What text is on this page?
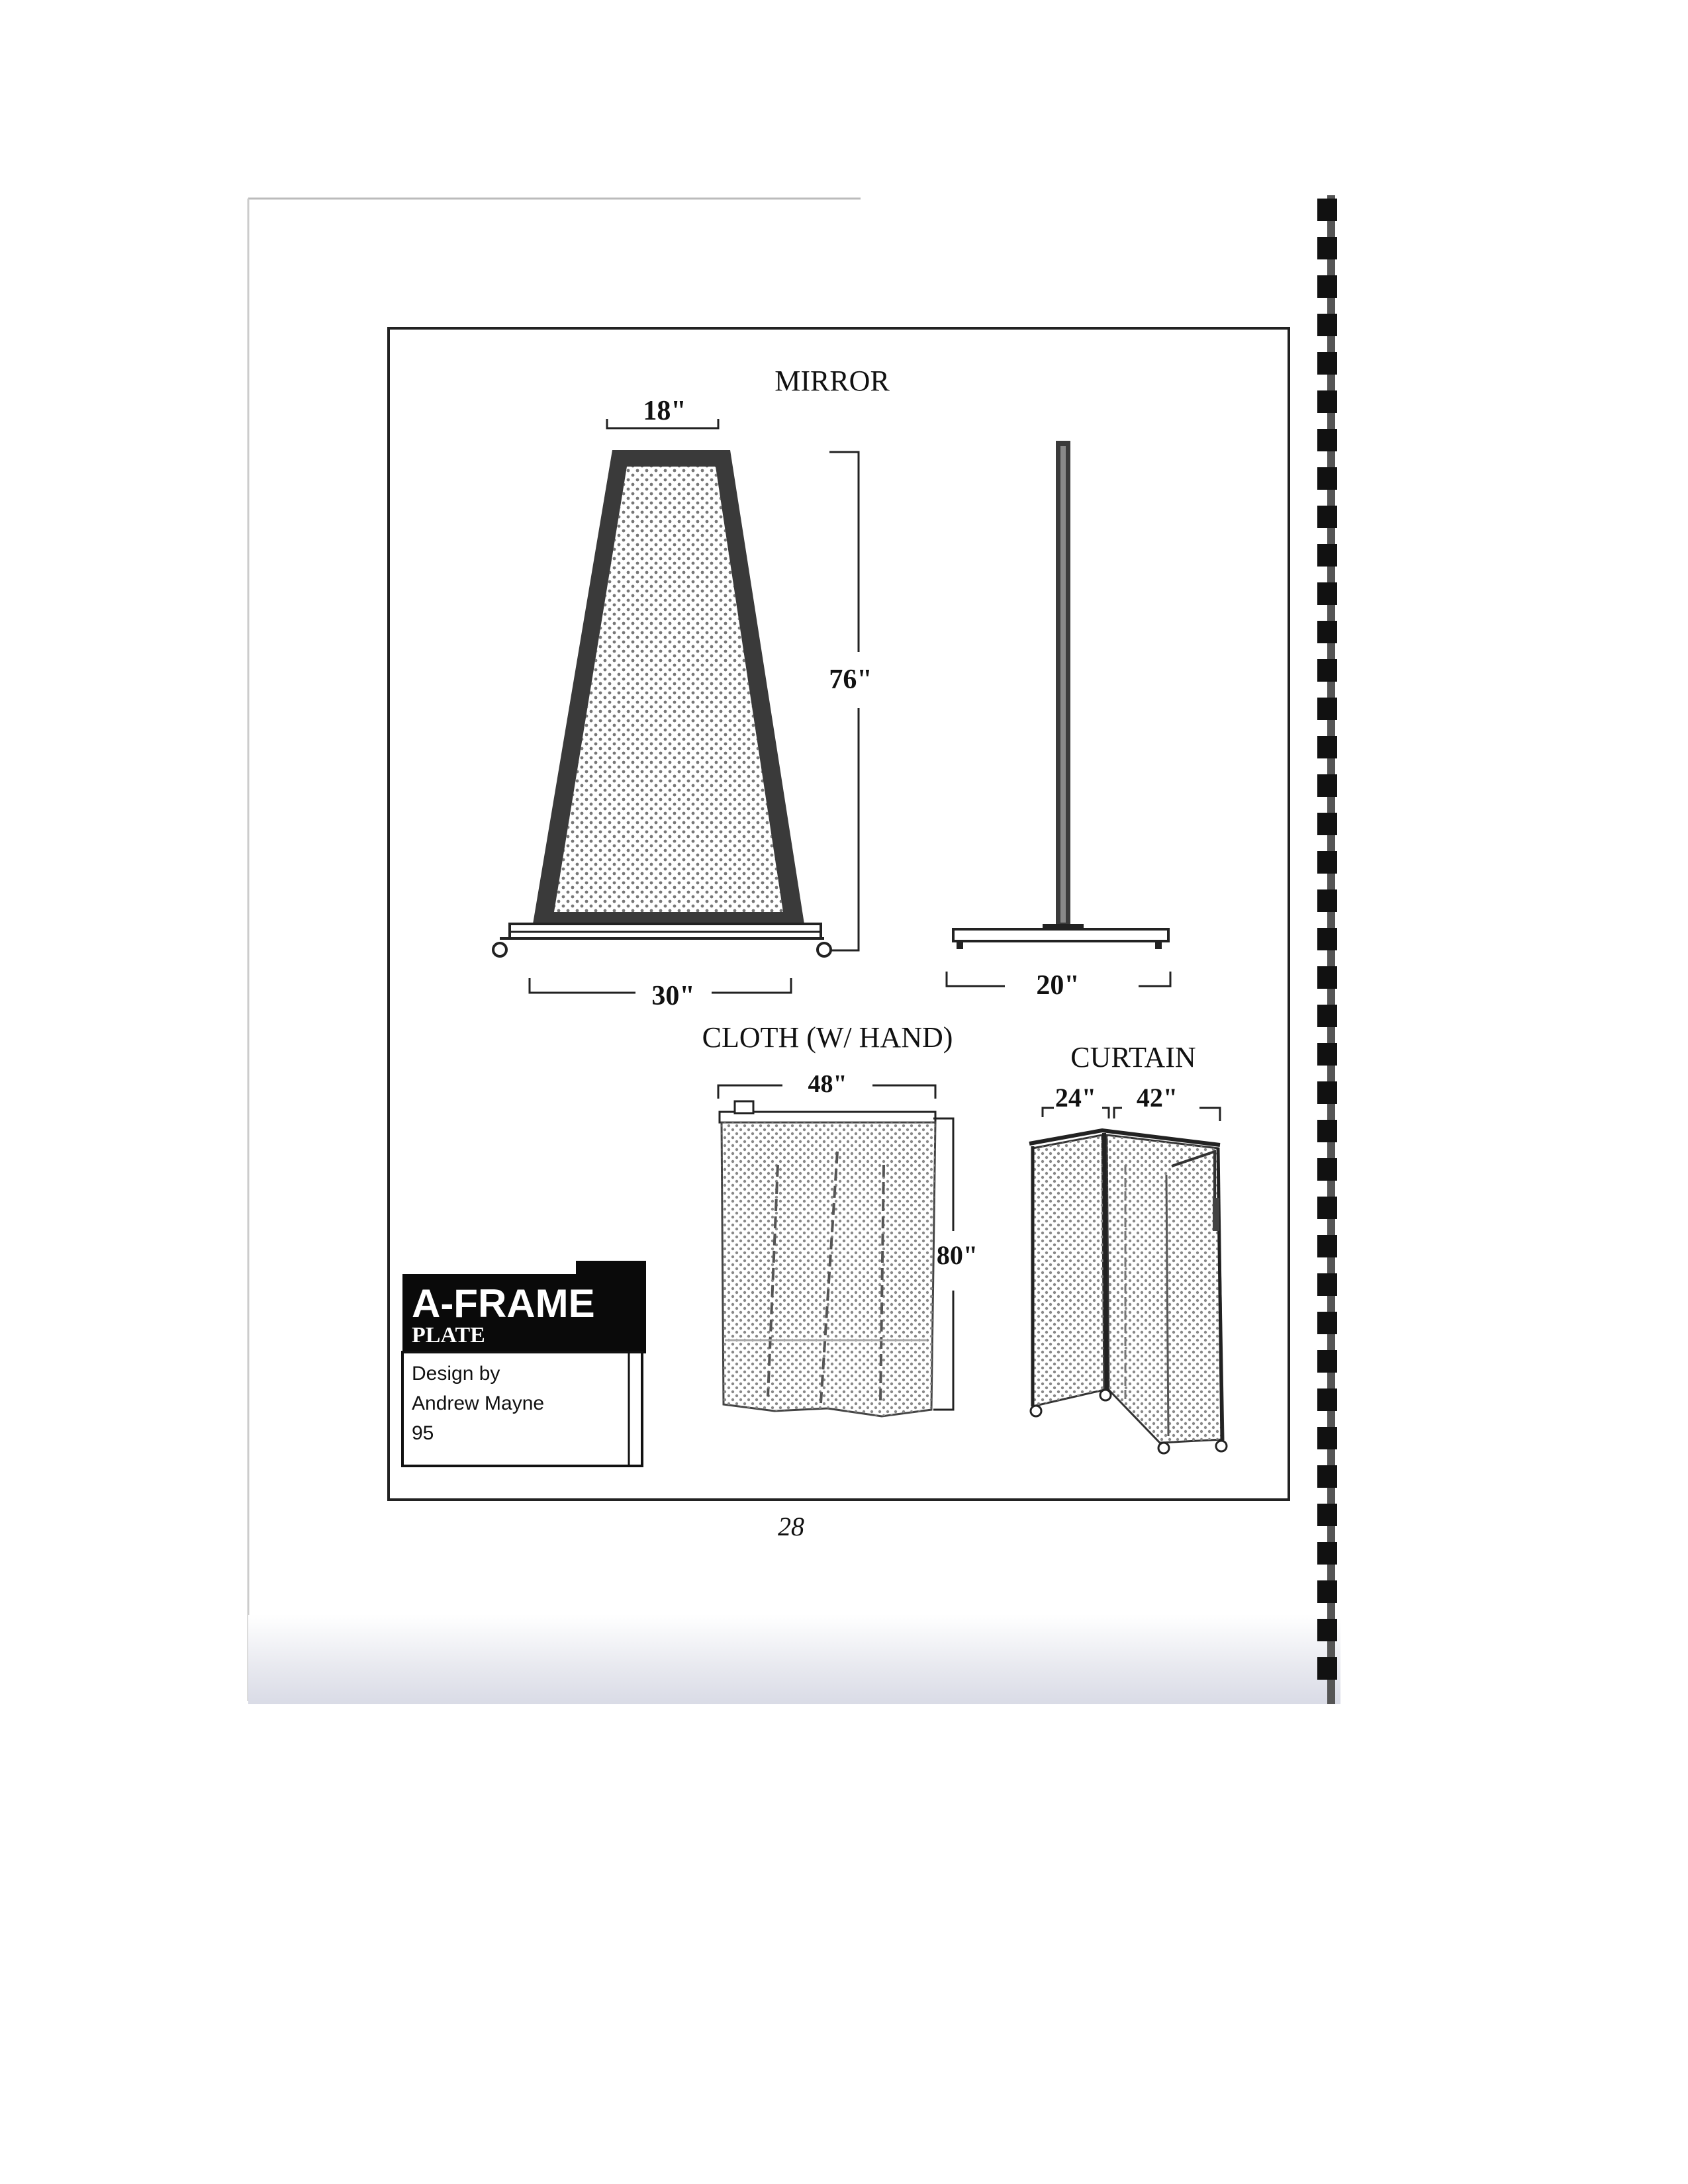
MIRROR
18"
76"
30"	20"
CLOTH (W/ HAND)
48"
80"
CURTAIN
24" 42"
A-FRAME
PLATE
Design by
Andrew Mayne
95
28
